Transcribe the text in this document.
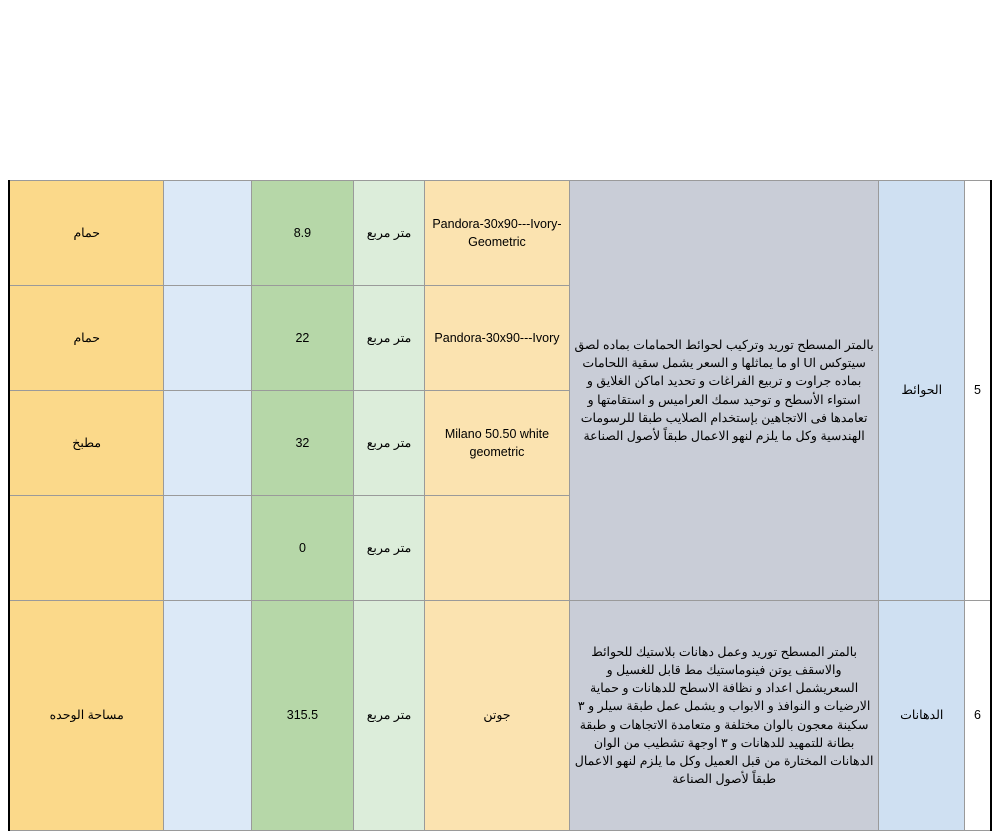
5	الحوائط	بالمتر المسطح توريد وتركيب لحوائط الحمامات بماده لصق سيتوكس اU او ما يماثلها و السعر يشمل سقية اللحامات بماده جراوت و تربيع الفراغات و تحديد اماكن الغلايق و استواء الأسطح و توحيد سمك العراميس و استقامتها و تعامدها فى الاتجاهين بإستخدام الصلايب طبقا للرسومات الهندسية وكل ما يلزم لنهو الاعمال طبقاً لأصول الصناعة	Pandora-30x90---Ivory-Geometric	متر مربع	8.9		حمام
			Pandora-30x90---Ivory	متر مربع	22		حمام
			Milano 50.50 white geometric	متر مربع	32		مطبخ
				متر مربع	0		
6	الدهانات	بالمتر المسطح توريد وعمل دهانات بلاستيك للحوائط والاسقف يوتن فينوماستيك مط قابل للغسيل و السعريشمل اعداد و نظافة الاسطح للدهانات و حماية الارضيات و النوافذ و الابواب و يشمل عمل طبقة سيلر و ٣ سكينة معجون بالوان مختلفة و متعامدة الاتجاهات و طبقة بطانة للتمهيد للدهانات و ٣ اوجهة تشطيب من الوان الدهانات المختارة من قبل العميل وكل ما يلزم لنهو الاعمال طبقاً لأصول الصناعة	جوتن	متر مربع	315.5		مساحة الوحده
